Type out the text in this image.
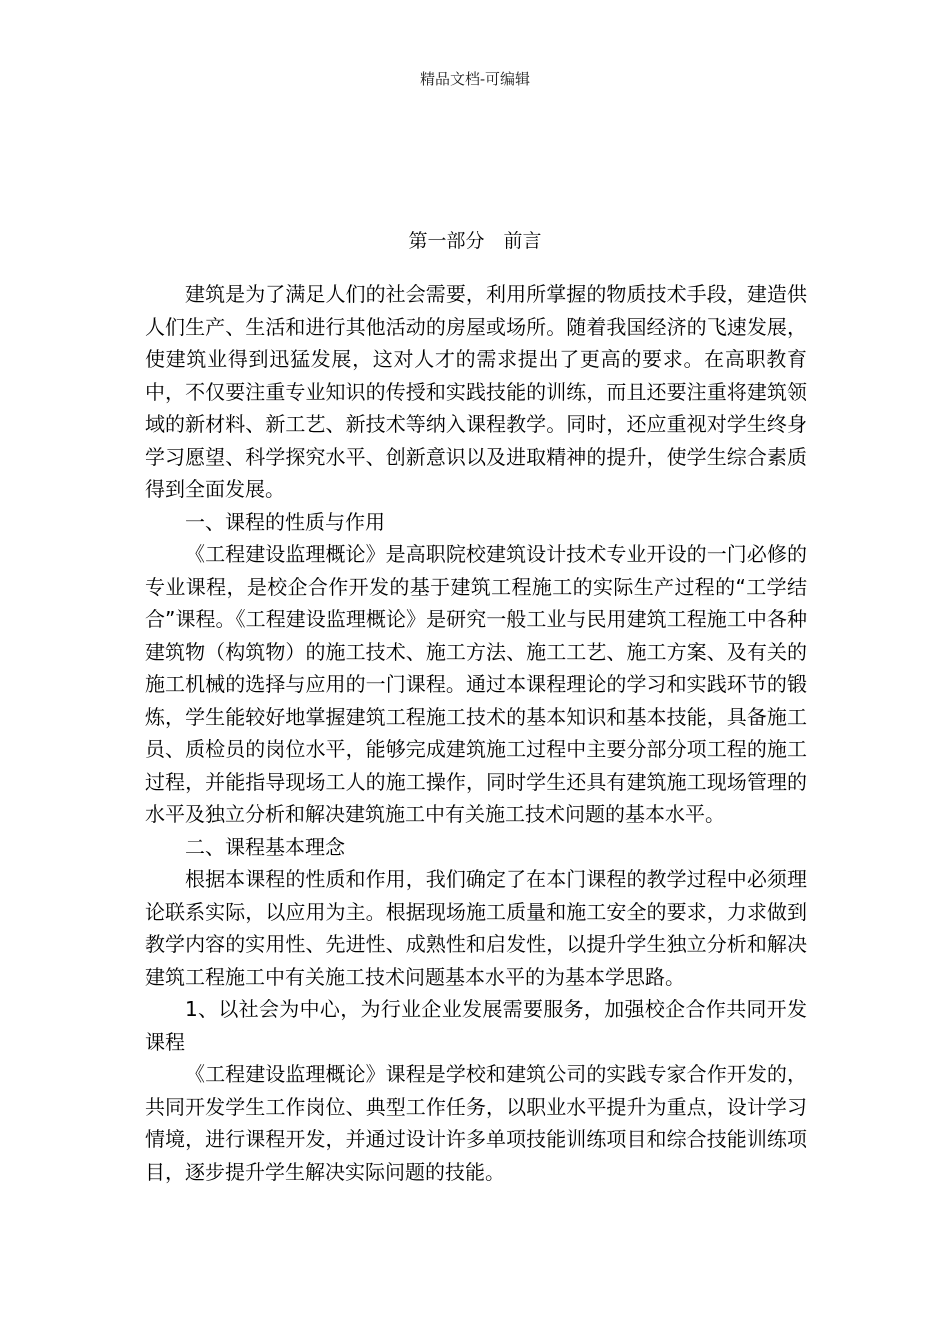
精品文档-可编辑
第一部分　前言

建筑是为了满足人们的社会需要，利用所掌握的物质技术手段，建造供人们生产、生活和进行其他活动的房屋或场所。随着我国经济的飞速发展，使建筑业得到迅猛发展，这对人才的需求提出了更高的要求。在高职教育中，不仅要注重专业知识的传授和实践技能的训练，而且还要注重将建筑领域的新材料、新工艺、新技术等纳入课程教学。同时，还应重视对学生终身学习愿望、科学探究水平、创新意识以及进取精神的提升，使学生综合素质得到全面发展。

一、课程的性质与作用

《工程建设监理概论》是高职院校建筑设计技术专业开设的一门必修的专业课程，是校企合作开发的基于建筑工程施工的实际生产过程的“工学结合”课程。《工程建设监理概论》是研究一般工业与民用建筑工程施工中各种建筑物（构筑物）的施工技术、施工方法、施工工艺、施工方案、及有关的施工机械的选择与应用的一门课程。通过本课程理论的学习和实践环节的锻炼，学生能较好地掌握建筑工程施工技术的基本知识和基本技能，具备施工员、质检员的岗位水平，能够完成建筑施工过程中主要分部分项工程的施工过程，并能指导现场工人的施工操作，同时学生还具有建筑施工现场管理的水平及独立分析和解决建筑施工中有关施工技术问题的基本水平。

二、课程基本理念

根据本课程的性质和作用，我们确定了在本门课程的教学过程中必须理论联系实际，以应用为主。根据现场施工质量和施工安全的要求，力求做到教学内容的实用性、先进性、成熟性和启发性，以提升学生独立分析和解决建筑工程施工中有关施工技术问题基本水平的为基本学思路。

1、以社会为中心，为行业企业发展需要服务，加强校企合作共同开发课程

《工程建设监理概论》课程是学校和建筑公司的实践专家合作开发的，共同开发学生工作岗位、典型工作任务，以职业水平提升为重点，设计学习情境，进行课程开发，并通过设计许多单项技能训练项目和综合技能训练项目，逐步提升学生解决实际问题的技能。
